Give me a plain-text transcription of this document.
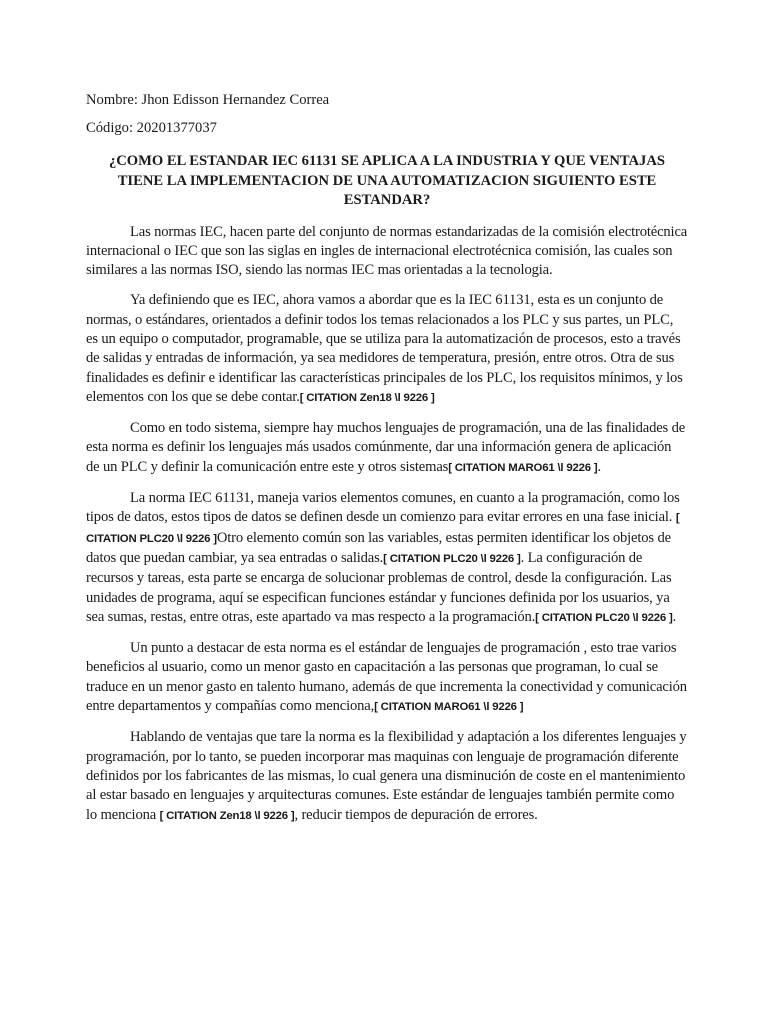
Nombre: Jhon Edisson Hernandez Correa

Código: 20201377037

¿COMO EL ESTANDAR IEC 61131 SE APLICA A LA INDUSTRIA Y QUE VENTAJAS TIENE LA IMPLEMENTACION DE UNA AUTOMATIZACION SIGUIENTO ESTE ESTANDAR?

Las normas IEC, hacen parte del conjunto de normas estandarizadas de la comisión electrotécnica internacional o IEC que son las siglas en ingles de internacional electrotécnica comisión, las cuales son similares a las normas ISO, siendo las normas IEC mas orientadas a la tecnologia.

Ya definiendo que es IEC, ahora vamos a abordar que es la IEC 61131, esta es un conjunto de normas, o estándares, orientados a definir todos los temas relacionados a los PLC y sus partes, un PLC, es un equipo o computador, programable, que se utiliza para la automatización de procesos, esto a través de salidas y entradas de información, ya sea medidores de temperatura, presión, entre otros. Otra de sus finalidades es definir e identificar las características principales de los PLC, los requisitos mínimos, y los elementos con los que se debe contar.[ CITATION Zen18 \l 9226 ]

Como en todo sistema, siempre hay muchos lenguajes de programación, una de las finalidades de esta norma es definir los lenguajes más usados comúnmente, dar una información genera de aplicación de un PLC y definir la comunicación entre este y otros sistemas[ CITATION MARO61 \l 9226 ].

La norma IEC 61131, maneja varios elementos comunes, en cuanto a la programación, como los tipos de datos, estos tipos de datos se definen desde un comienzo para evitar errores en una fase inicial. [ CITATION PLC20 \l 9226 ]Otro elemento común son las variables, estas permiten identificar los objetos de datos que puedan cambiar, ya sea entradas o salidas.[ CITATION PLC20 \l 9226 ]. La configuración de recursos y tareas, esta parte se encarga de solucionar problemas de control, desde la configuración. Las unidades de programa, aquí se especifican funciones estándar y funciones definida por los usuarios, ya sea sumas, restas, entre otras, este apartado va mas respecto a la programación.[ CITATION PLC20 \l 9226 ].

Un punto a destacar de esta norma es el estándar de lenguajes de programación , esto trae varios beneficios al usuario, como un menor gasto en capacitación a las personas que programan, lo cual se traduce en un menor gasto en talento humano, además de que incrementa la conectividad y comunicación entre departamentos y compañías como menciona,[ CITATION MARO61 \l 9226 ]

Hablando de ventajas que tare la norma es la flexibilidad y adaptación a los diferentes lenguajes y programación, por lo tanto, se pueden incorporar mas maquinas con lenguaje de programación diferente definidos por los fabricantes de las mismas, lo cual genera una disminución de coste en el mantenimiento al estar basado en lenguajes y arquitecturas comunes. Este estándar de lenguajes también permite como lo menciona [ CITATION Zen18 \l 9226 ], reducir tiempos de depuración de errores.
